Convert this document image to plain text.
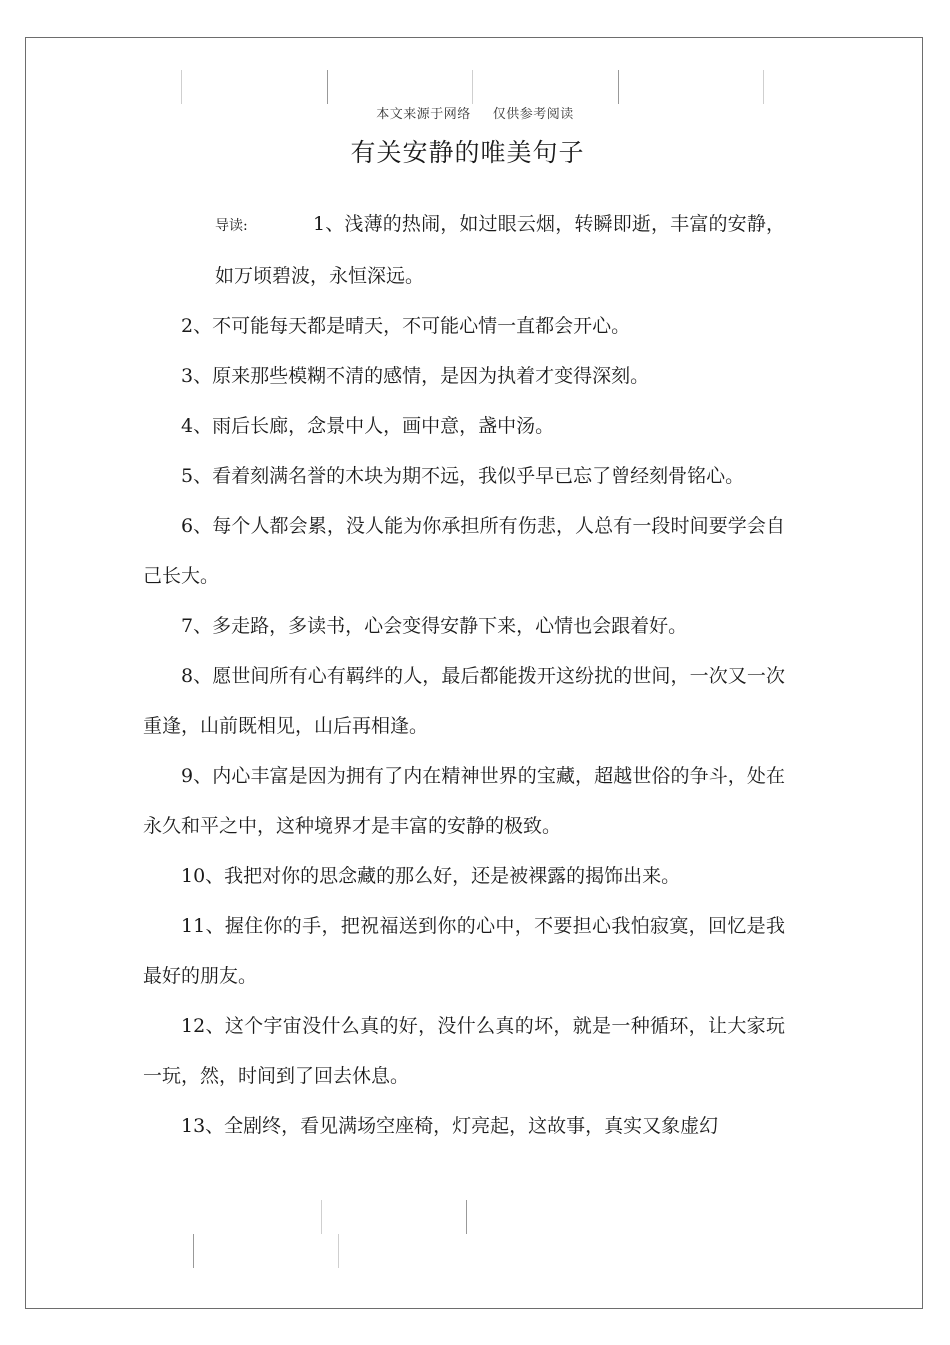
本文来源于网络 仅供参考阅读
有关安静的唯美句子

导读:	1、浅薄的热闹，如过眼云烟，转瞬即逝，丰富的安静，如万顷碧波，永恒深远。

2、不可能每天都是晴天，不可能心情一直都会开心。

3、原来那些模糊不清的感情，是因为执着才变得深刻。

4、雨后长廊，念景中人，画中意，盏中汤。

5、看着刻满名誉的木块为期不远，我似乎早已忘了曾经刻骨铭心。

6、每个人都会累，没人能为你承担所有伤悲，人总有一段时间要学会自己长大。

7、多走路，多读书，心会变得安静下来，心情也会跟着好。

8、愿世间所有心有羁绊的人，最后都能拨开这纷扰的世间，一次又一次重逢，山前既相见，山后再相逢。

9、内心丰富是因为拥有了内在精神世界的宝藏，超越世俗的争斗，处在永久和平之中，这种境界才是丰富的安静的极致。

10、我把对你的思念藏的那么好，还是被裸露的揭饰出来。

11、握住你的手，把祝福送到你的心中，不要担心我怕寂寞，回忆是我最好的朋友。

12、这个宇宙没什么真的好，没什么真的坏，就是一种循环，让大家玩一玩，然，时间到了回去休息。

13、全剧终，看见满场空座椅，灯亮起，这故事，真实又象虚幻
